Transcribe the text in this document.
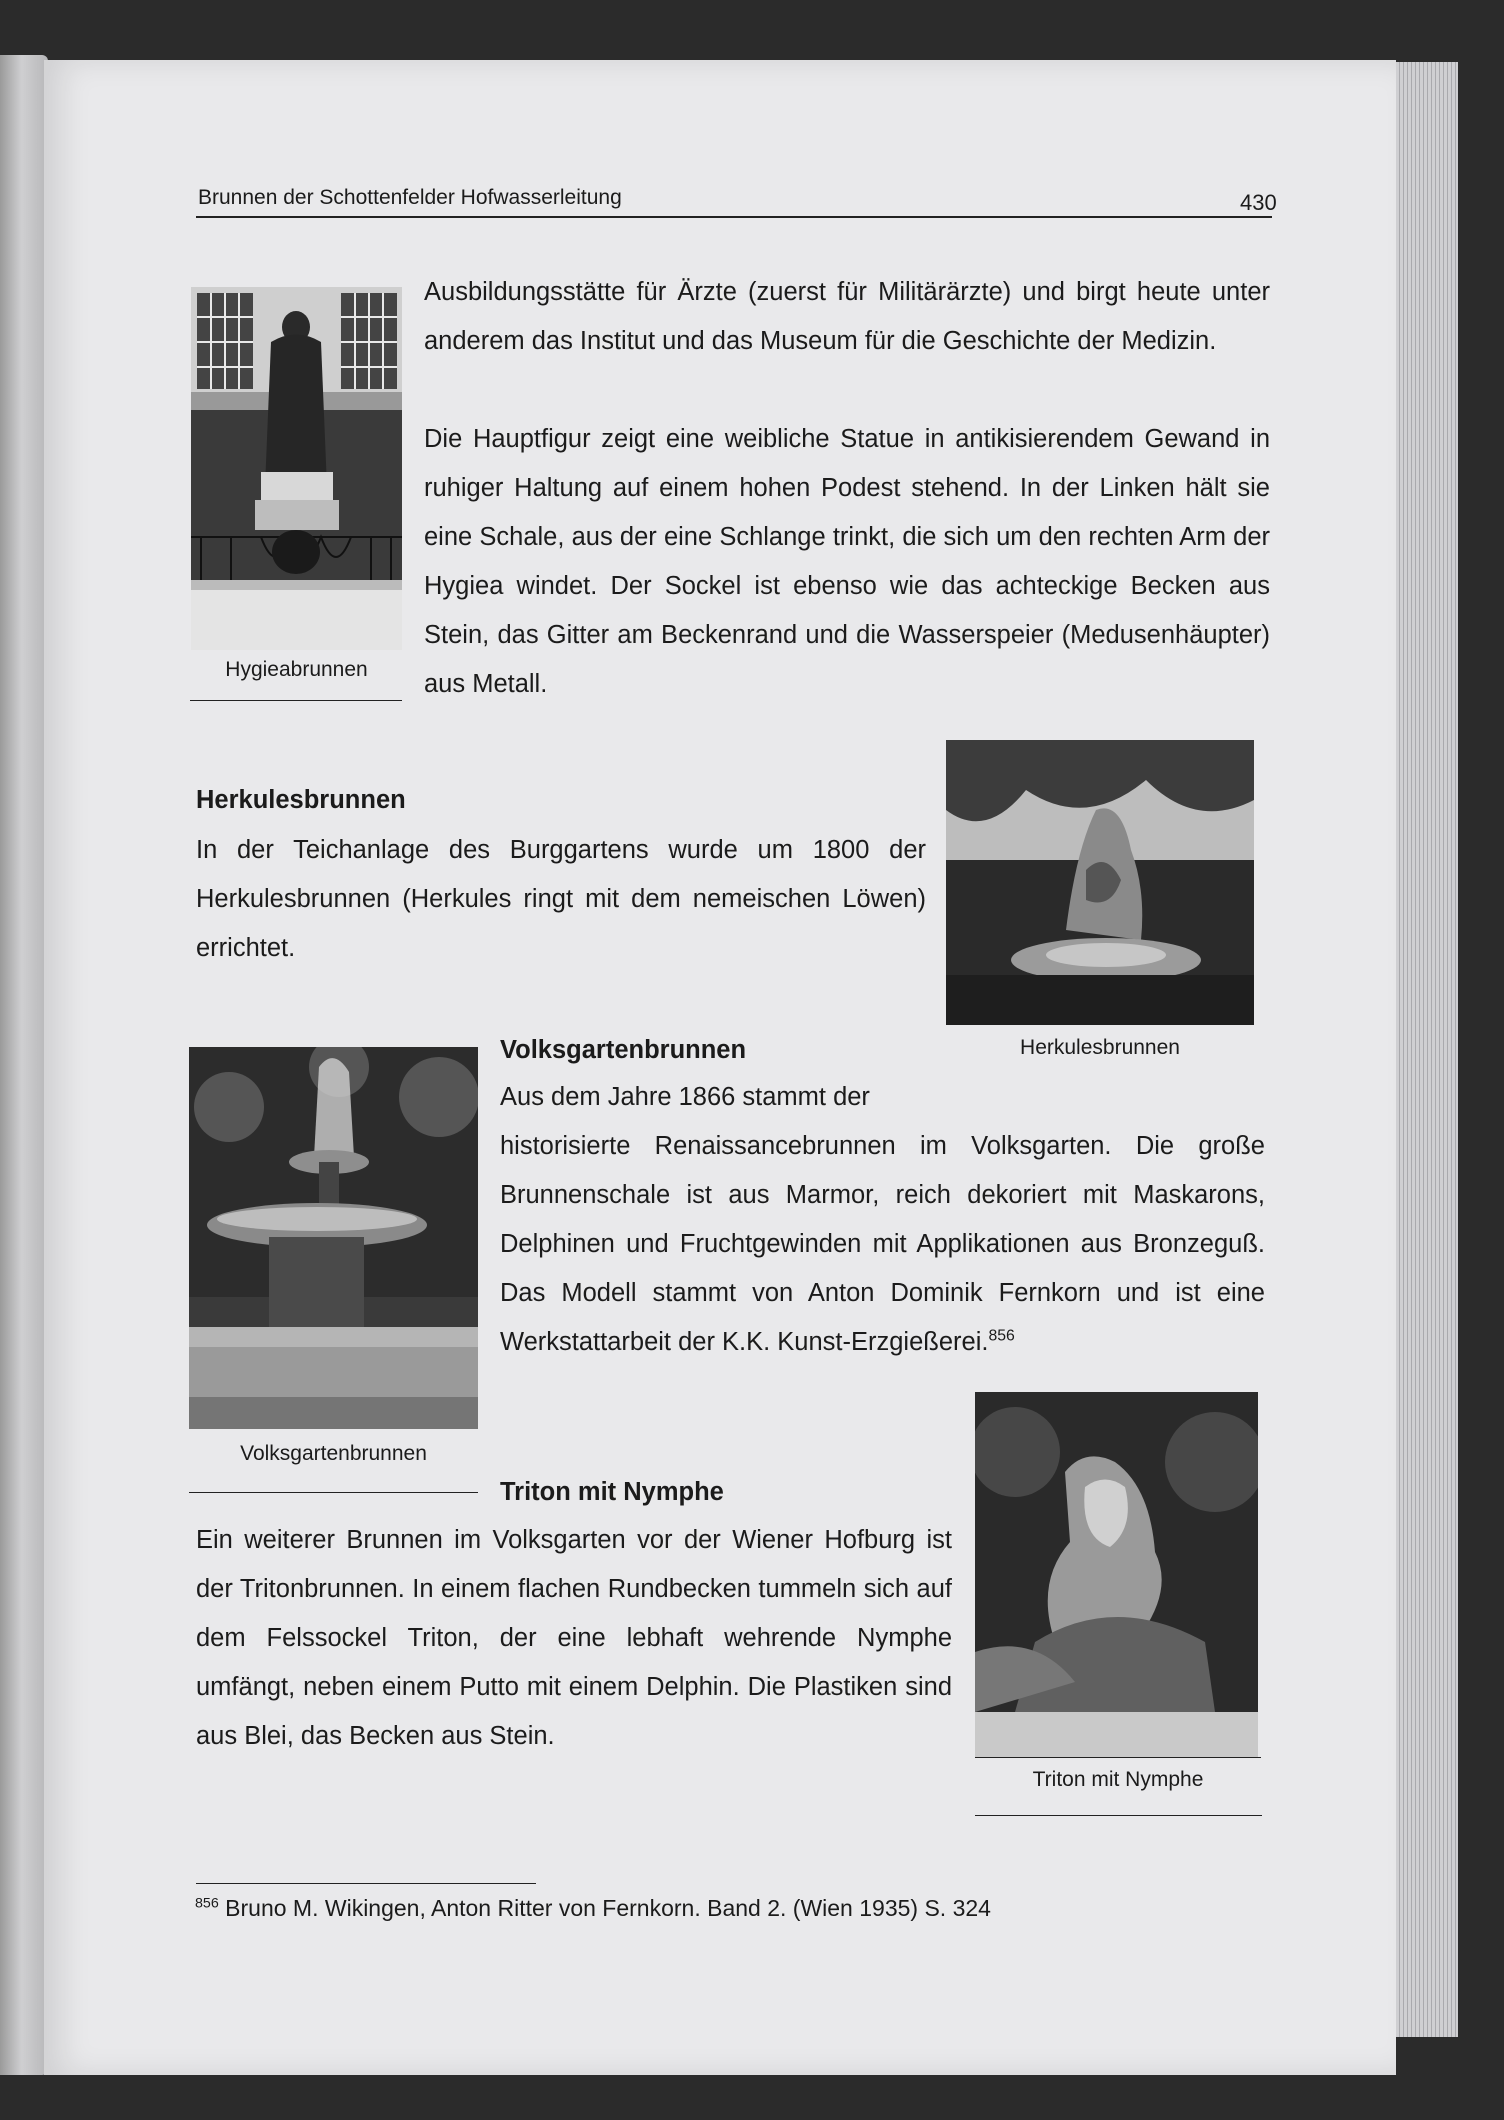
Brunnen der Schottenfelder Hofwasserleitung	430
Hygieabrunnen

Ausbildungsstätte für Ärzte (zuerst für Militärärzte) und birgt heute unter anderem das Institut und das Museum für die Geschichte der Medizin.

Die Hauptfigur zeigt eine weibliche Statue in antikisierendem Gewand in ruhiger Haltung auf einem hohen Podest stehend. In der Linken hält sie eine Schale, aus der eine Schlange trinkt, die sich um den rechten Arm der Hygiea windet. Der Sockel ist ebenso wie das achteckige Becken aus Stein, das Gitter am Beckenrand und die Wasserspeier (Medusenhäupter) aus Metall.

Herkulesbrunnen

Herkulesbrunnen

In der Teichanlage des Burggartens wurde um 1800 der Herkulesbrunnen (Herkules ringt mit dem nemeischen Löwen) errichtet.

Volksgartenbrunnen

Volksgartenbrunnen

Aus dem Jahre 1866 stammt der

historisierte Renaissancebrunnen im Volksgarten. Die große Brunnenschale ist aus Marmor, reich dekoriert mit Maskarons, Delphinen und Fruchtgewinden mit Applikationen aus Bronzeguß. Das Modell stammt von Anton Dominik Fernkorn und ist eine Werkstattarbeit der K.K. Kunst-Erzgießerei.$^{856}$

Triton mit Nymphe

Triton mit Nymphe

Ein weiterer Brunnen im Volksgarten vor der Wiener Hofburg ist der Tritonbrunnen. In einem flachen Rundbecken tummeln sich auf dem Felssockel Triton, der eine lebhaft wehrende Nymphe umfängt, neben einem Putto mit einem Delphin. Die Plastiken sind aus Blei, das Becken aus Stein.

$^{856}$ Bruno M. Wikingen, Anton Ritter von Fernkorn. Band 2. (Wien 1935) S. 324
